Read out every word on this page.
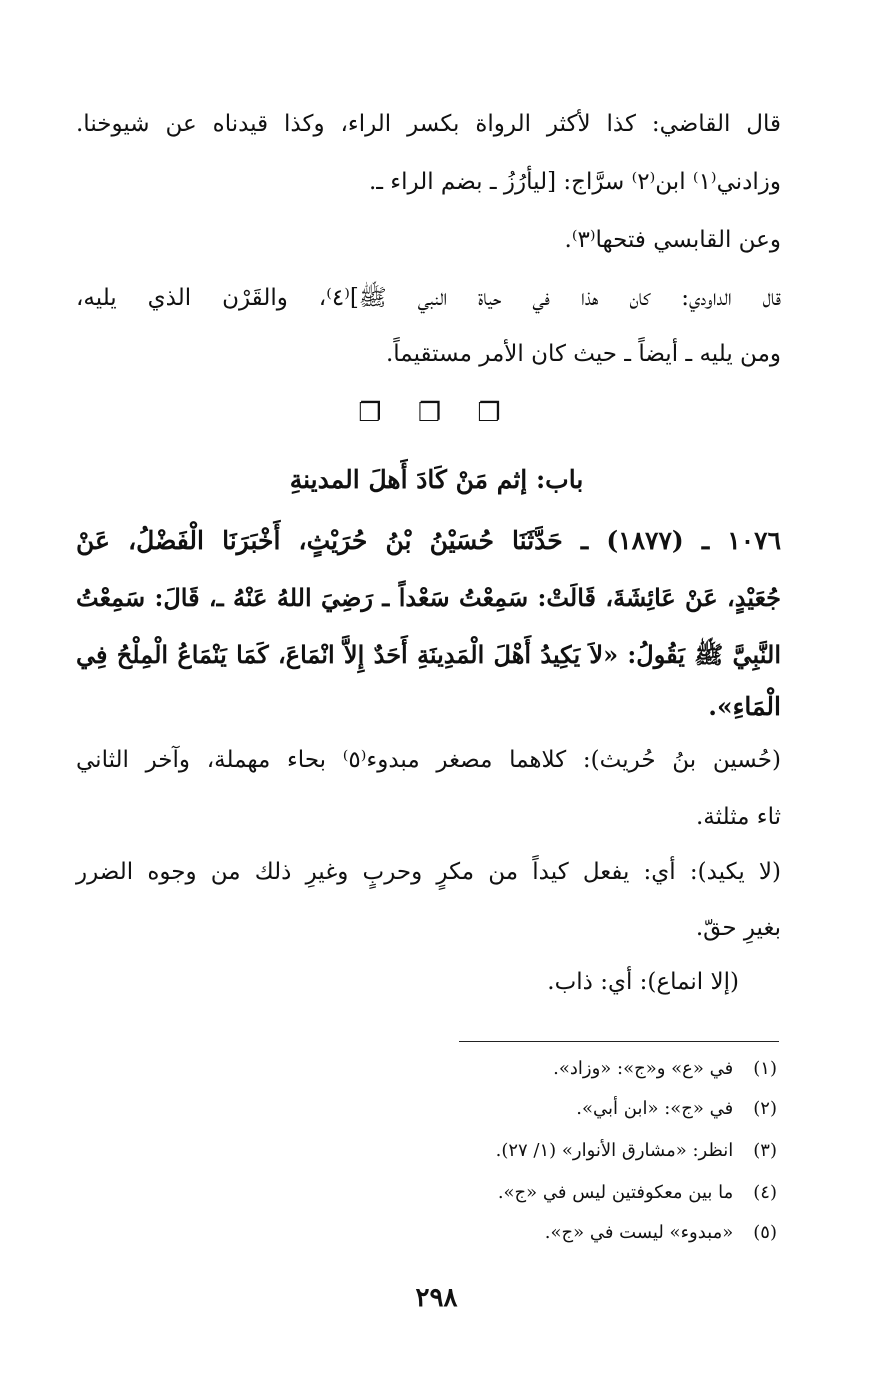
قال القاضي: كذا لأكثر الرواة بكسر الراء، وكذا قيدناه عن شيوخنا.

وزادني⁽١⁾ ابن⁽٢⁾ سرَّاج: [ليأرُزُ ـ بضم الراء ـ.

وعن القابسي فتحها⁽٣⁾.

قال الداودي: كان هذا في حياة النبي ﷺ]⁽٤⁾، والقَرْن الذي يليه،

ومن يليه ـ أيضاً ـ حيث كان الأمر مستقيماً.

❐ ❐ ❐
باب: إثم مَنْ كَادَ أَهلَ المدينةِ

١٠٧٦ ـ (١٨٧٧) ـ حَدَّثَنَا حُسَيْنُ بْنُ حُرَيْثٍ، أَخْبَرَنَا الْفَضْلُ، عَنْ

جُعَيْدٍ، عَنْ عَائِشَةَ، قَالَتْ: سَمِعْتُ سَعْداً ـ رَضِيَ اللهُ عَنْهُ ـ، قَالَ: سَمِعْتُ

النَّبِيَّ ﷺ يَقُولُ: «لاَ يَكِيدُ أَهْلَ الْمَدِينَةِ أَحَدٌ إِلاَّ انْمَاعَ، كَمَا يَنْمَاعُ الْمِلْحُ فِي

الْمَاءِ».

(حُسين بنُ حُريث): كلاهما مصغر مبدوء⁽٥⁾ بحاء مهملة، وآخر الثاني

ثاء مثلثة.

(لا يكيد): أي: يفعل كيداً من مكرٍ وحربٍ وغيرِ ذلك من وجوه الضرر

بغيرِ حقّ.

(إلا انماع): أي: ذاب.

(١) في «ع» و«ج»: «وزاد».
(٢) في «ج»: «ابن أبي».
(٣) انظر: «مشارق الأنوار» (١/ ٢٧).
(٤) ما بين معكوفتين ليس في «ج».
(٥) «مبدوء» ليست في «ج».
٢٩٨
